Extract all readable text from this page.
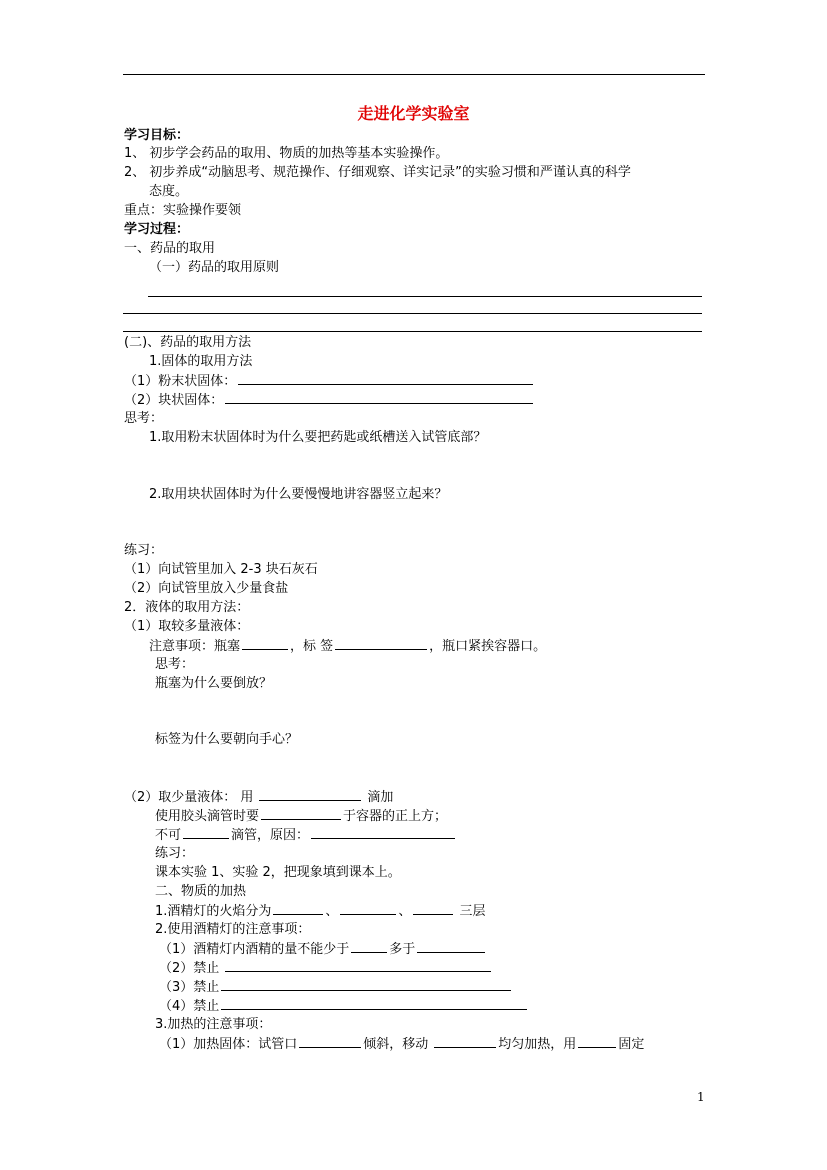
走进化学实验室
学习目标：
1、 初步学会药品的取用、物质的加热等基本实验操作。
2、 初步养成“动脑思考、规范操作、仔细观察、详实记录”的实验习惯和严谨认真的科学
态度。
重点：实验操作要领
学习过程：
一、药品的取用
（一）药品的取用原则
(二)、药品的取用方法
1.固体的取用方法
（1）粉末状固体：
（2）块状固体：
思考：
1.取用粉末状固体时为什么要把药匙或纸槽送入试管底部？
2.取用块状固体时为什么要慢慢地讲容器竖立起来？
练习：
（1）向试管里加入 2-3 块石灰石
（2）向试管里放入少量食盐
2．液体的取用方法：
（1）取较多量液体：
注意事项：瓶塞	，标 签	，瓶口紧挨容器口。
思考：
瓶塞为什么要倒放？
标签为什么要朝向手心？
（2）取少量液体： 用	滴加
使用胶头滴管时要	于容器的正上方；
不可	滴管，原因：
练习：
课本实验 1、实验 2，把现象填到课本上。
二、物质的加热
1.酒精灯的火焰分为	、	、	三层
2.使用酒精灯的注意事项：
（1）酒精灯内酒精的量不能少于	多于
（2）禁止
（3）禁止
（4）禁止
3.加热的注意事项：
（1）加热固体：试管口	倾斜，移动	均匀加热，用	固定
1
